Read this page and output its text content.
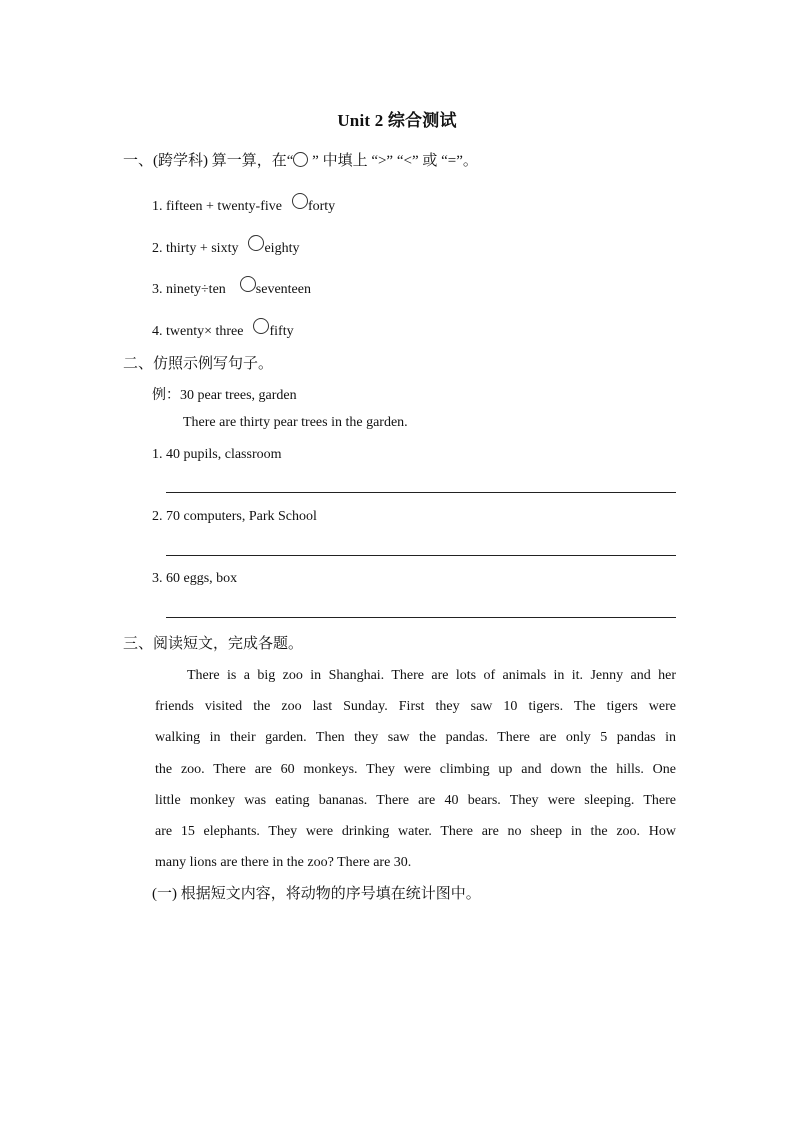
Unit 2 综合测试
一、(跨学科) 算一算，在“ ” 中填上 “>” “<” 或 “=”。
1. fifteen + twenty-five forty
2. thirty + sixty eighty
3. ninety÷ten seventeen
4. twenty× three fifty
二、仿照示例写句子。
例：30 pear trees, garden
There are thirty pear trees in the garden.
1. 40 pupils, classroom
2. 70 computers, Park School
3. 60 eggs, box
三、阅读短文，完成各题。
There is a big zoo in Shanghai. There are lots of animals in it. Jenny and her
friends visited the zoo last Sunday. First they saw 10 tigers. The tigers were
walking in their garden. Then they saw the pandas. There are only 5 pandas in
the zoo. There are 60 monkeys. They were climbing up and down the hills. One
little monkey was eating bananas. There are 40 bears. They were sleeping. There
are 15 elephants. They were drinking water. There are no sheep in the zoo. How
many lions are there in the zoo? There are 30.
(一) 根据短文内容，将动物的序号填在统计图中。
